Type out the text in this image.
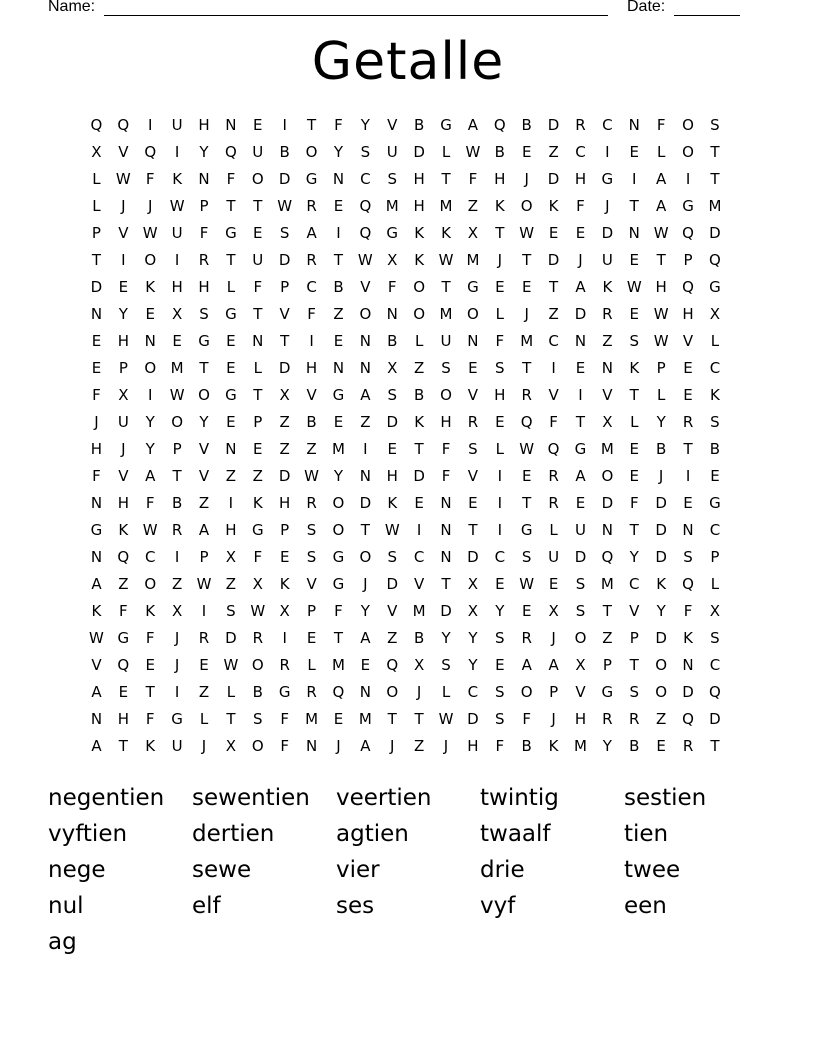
Name:	Date:
Getalle
Q Q I U H N E I T F Y V B G A Q B D R C N F O S
X V Q I Y Q U B O Y S U D L W B E Z C I E L O T
L W F K N F O D G N C S H T F H J D H G I A I T
L J J W P T T W R E Q M H M Z K O K F J T A G M
P V W U F G E S A I Q G K K X T W E E D N W Q D
T I O I R T U D R T W X K W M J T D J U E T P Q
D E K H H L F P C B V F O T G E E T A K W H Q G
N Y E X S G T V F Z O N O M O L J Z D R E W H X
E H N E G E N T I E N B L U N F M C N Z S W V L
E P O M T E L D H N N X Z S E S T I E N K P E C
F X I W O G T X V G A S B O V H R V I V T L E K
J U Y O Y E P Z B E Z D K H R E Q F T X L Y R S
H J Y P V N E Z Z M I E T F S L W Q G M E B T B
F V A T V Z Z D W Y N H D F V I E R A O E J I E
N H F B Z I K H R O D K E N E I T R E D F D E G
G K W R A H G P S O T W I N T I G L U N T D N C
N Q C I P X F E S G O S C N D C S U D Q Y D S P
A Z O Z W Z X K V G J D V T X E W E S M C K Q L
K F K X I S W X P F Y V M D X Y E X S T V Y F X
W G F J R D R I E T A Z B Y Y S R J O Z P D K S
V Q E J E W O R L M E Q X S Y E A A X P T O N C
A E T I Z L B G R Q N O J L C S O P V G S O D Q
N H F G L T S F M E M T T W D S F J H R R Z Q D
A T K U J X O F N J A J Z J H F B K M Y B E R T
negentien sewentien veertien twintig	sestien
vyftien	dertien	agtien	twaalf	tien
nege	sewe	vier	drie	twee
nul	elf	ses	vyf	een
ag
